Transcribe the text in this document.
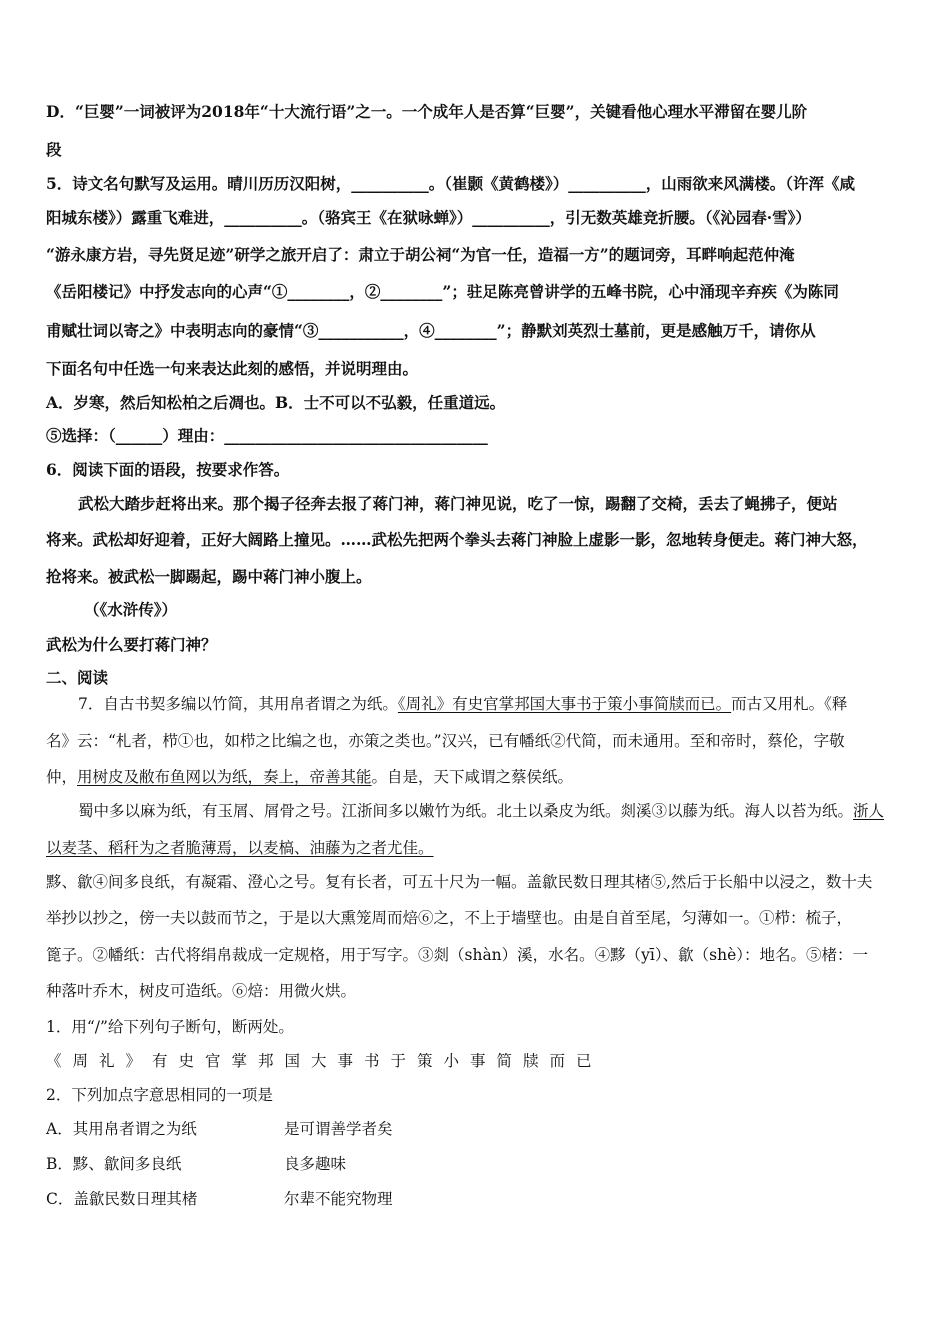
D．“巨婴”一词被评为2018年“十大流行语”之一。一个成年人是否算“巨婴”，关键看他心理水平滞留在婴儿阶
段
5．诗文名句默写及运用。晴川历历汉阳树，__________。（崔颢《黄鹤楼》）__________，山雨欲来风满楼。（许浑《咸
阳城东楼》）露重飞难进，__________。（骆宾王《在狱咏蝉》）__________，引无数英雄竞折腰。（《沁园春·雪》）
“游永康方岩，寻先贤足迹”研学之旅开启了：肃立于胡公祠“为官一任，造福一方”的题词旁，耳畔响起范仲淹
《岳阳楼记》中抒发志向的心声“①________，②________”；驻足陈亮曾讲学的五峰书院，心中涌现辛弃疾《为陈同
甫赋壮词以寄之》中表明志向的豪情“③___________，④________”；静默刘英烈士墓前，更是感触万千，请你从
下面名句中任选一句来表达此刻的感悟，并说明理由。
A．岁寒，然后知松柏之后凋也。B．士不可以不弘毅，任重道远。
⑤选择：（______）理由：__________________________________
6．阅读下面的语段，按要求作答。
武松大踏步赶将出来。那个揭子径奔去报了蒋门神，蒋门神见说，吃了一惊，踢翻了交椅，丢去了蝇拂子，便站
将来。武松却好迎着，正好大阔路上撞见。……武松先把两个拳头去蒋门神脸上虚影一影，忽地转身便走。蒋门神大怒，
抢将来。被武松一脚踢起，踢中蒋门神小腹上。
（《水浒传》）
武松为什么要打蒋门神？
二、阅读
7．自古书契多编以竹简，其用帛者谓之为纸。《周礼》有史官掌邦国大事书于策小事简牍而已。而古又用札。《释
名》云：“札者，栉①也，如栉之比编之也，亦策之类也。”汉兴，已有幡纸②代简，而未通用。至和帝时，蔡伦，字敬
仲，用树皮及敝布鱼网以为纸，奏上，帝善其能。自是，天下咸谓之蔡侯纸。
蜀中多以麻为纸，有玉屑、屑骨之号。江浙间多以嫩竹为纸。北土以桑皮为纸。剡溪③以藤为纸。海人以苔为纸。浙人
以麦茎、稻秆为之者脆薄焉，以麦槁、油藤为之者尤佳。
黟、歙④间多良纸，有凝霜、澄心之号。复有长者，可五十尺为一幅。盖歙民数日理其楮⑤,然后于长船中以浸之，数十夫
举抄以抄之，傍一夫以鼓而节之，于是以大熏笼周而焙⑥之，不上于墙壁也。由是自首至尾，匀薄如一。①栉：梳子，
篦子。②幡纸：古代将绢帛裁成一定规格，用于写字。③剡（shàn）溪，水名。④黟（yī）、歙（shè）：地名。⑤楮：一
种落叶乔木，树皮可造纸。⑥焙：用微火烘。
1．用“/”给下列句子断句，断两处。
《周礼》有史官掌邦国大事书于策小事简牍而已
2．下列加点字意思相同的一项是
A．其用帛者谓之为纸	是可谓善学者矣
B．黟、歙间多良纸	良多趣味
C．盖歙民数日理其楮	尔辈不能究物理
